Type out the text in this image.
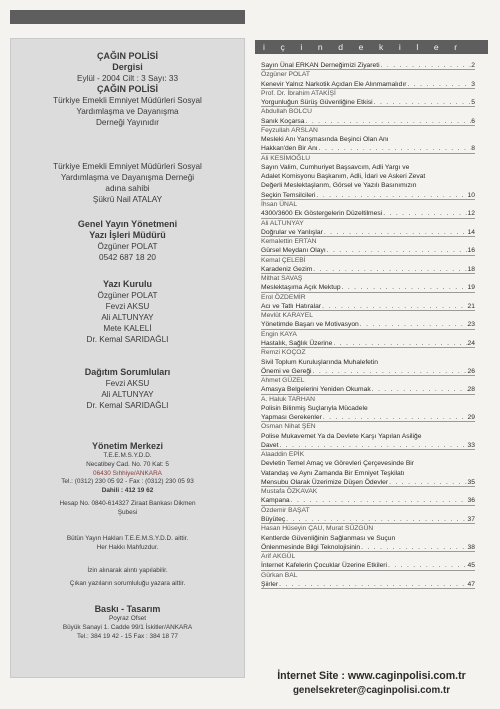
ÇAĞIN POLİSİ
Dergisi
Eylül - 2004 Cilt : 3 Sayı: 33
ÇAĞIN POLİSİ
Türkiye Emekli Emniyet Müdürleri Sosyal
Yardımlaşma ve Dayanışma
Derneği Yayınıdır
Türkiye Emekli Emniyet Müdürleri Sosyal
Yardımlaşma ve Dayanışma Derneği
adına sahibi
Şükrü Nail ATALAY
Genel Yayın Yönetmeni
Yazı İşleri Müdürü
Özgüner POLAT
0542 687 18 20
Yazı Kurulu
Özgüner POLAT
Fevzi AKSU
Ali ALTUNYAY
Mete KALELİ
Dr. Kemal SARIDAĞLI
Dağıtım Sorumluları
Fevzi AKSU
Ali ALTUNYAY
Dr. Kemal SARIDAĞLI
Yönetim Merkezi
T.E.E.M.S.Y.D.D.
Necatibey Cad. No. 70 Kat: 5
06430 Sıhhiye/ANKARA
Tel.: (0312) 230 05 92 - Fax : (0312) 230 05 93
Dahili : 412 19 62
Hesap No. 0840-614327 Ziraat Bankası Dikmen
Şubesi
Bütün Yayın Hakları T.E.E.M.S.Y.D.D. aittir.
Her Hakkı Mahfuzdur.
İzin alınarak alıntı yapılabilir.
Çıkan yazıların sorumluluğu yazara aittir.
Baskı - Tasarım
Poyraz Ofset
Büyük Sanayi 1. Cadde 99/1 İskitler/ANKARA
Tel.: 384 19 42 - 15 Fax : 384 18 77
i ç i n d e k i l e r
Sayın Ünal ERKAN Derneğimizi Ziyareti . . .	2
Özgüner POLAT
Kenevir Yalnız Narkotik Açıdan Ele Alınmamalıdır . . .	3
Prof. Dr. İbrahim ATAKİŞİ
Yorgunluğun Sürüş Güvenliğine Etkisi . . .	5
Abdullah BOLCU
Sanık Koçarsa . . .	6
Feyzullah ARSLAN
Mesleki Anı Yarışmasında Beşinci Olan Anı
Hakkan'den Bir Anı . . .	8
Ali KESİMOĞLU
Sayın Valim, Cumhuriyet Başsavcım, Adli Yargı ve
Adalet Komisyonu Başkanım, Adli, İdari ve Askeri Zevat
Değerli Meslektaşlarım, Görsel ve Yazılı Basınımızın
Seçkin Temsilcileri . . .	10
İhsan ÜNAL
4300/3600 Ek Göstergelerin Düzeltilmesi . . .	12
Ali ALTUNYAY
Doğrular ve Yanlışlar . . .	14
Kemalettin ERTAN
Gürsel Meydanı Olayı . . .	16
Kemal ÇELEBİ
Karadeniz Gezim . . .	18
Mithat SAVAŞ
Meslektaşıma Açık Mektup . . .	19
Erol ÖZDEMİR
Acı ve Tatlı Hatıralar . . .	21
Mevlüt KARAYEL
Yönetimde Başarı ve Motivasyon . . .	23
Engin KAYA
Hastalık, Sağlık Üzerine . . .	24
Remzi KOÇOZ
Sivil Toplum Kuruluşlarında Muhalefetin
Önemi ve Gereği . . .	26
Ahmet GÜZEL
Amasya Belgelerini Yeniden Okumak . . .	28
A. Haluk TARHAN
Polisin Bilinmiş Suçlarıyla Mücadele
Yapması Gerekenler . . .	29
Osman Nihat ŞEN
Polise Mukavemet Ya da Devlete Karşı Yapılan Asiliğe
Davet . . .	33
Alaaddin EPİK
Devletin Temel Amaç ve Görevleri Çerçevesinde Bir
Vatandaş ve Aynı Zamanda Bir Emniyet Teşkilatı
Mensubu Olarak Üzerimize Düşen Ödevler . . .	35
Mustafa ÖZKAVAK
Kampana . . .	36
Özdemir BAŞAT
Büyüteç . . .	37
Hasan Hüseyin ÇAU, Murat SÜZGÜN
Kentlerde Güvenliğinin Sağlanması ve Suçun
Önlenmesinde Bilgi Teknolojisinin . . .	38
Arif AKGÜL
İnternet Kafelerin Çocuklar Üzerine Etkileri . . .	45
Gürkan BAL
Şiirler . . .	47
İnternet Site : www.caginpolisi.com.tr
genelsekreter@caginpolisi.com.tr
